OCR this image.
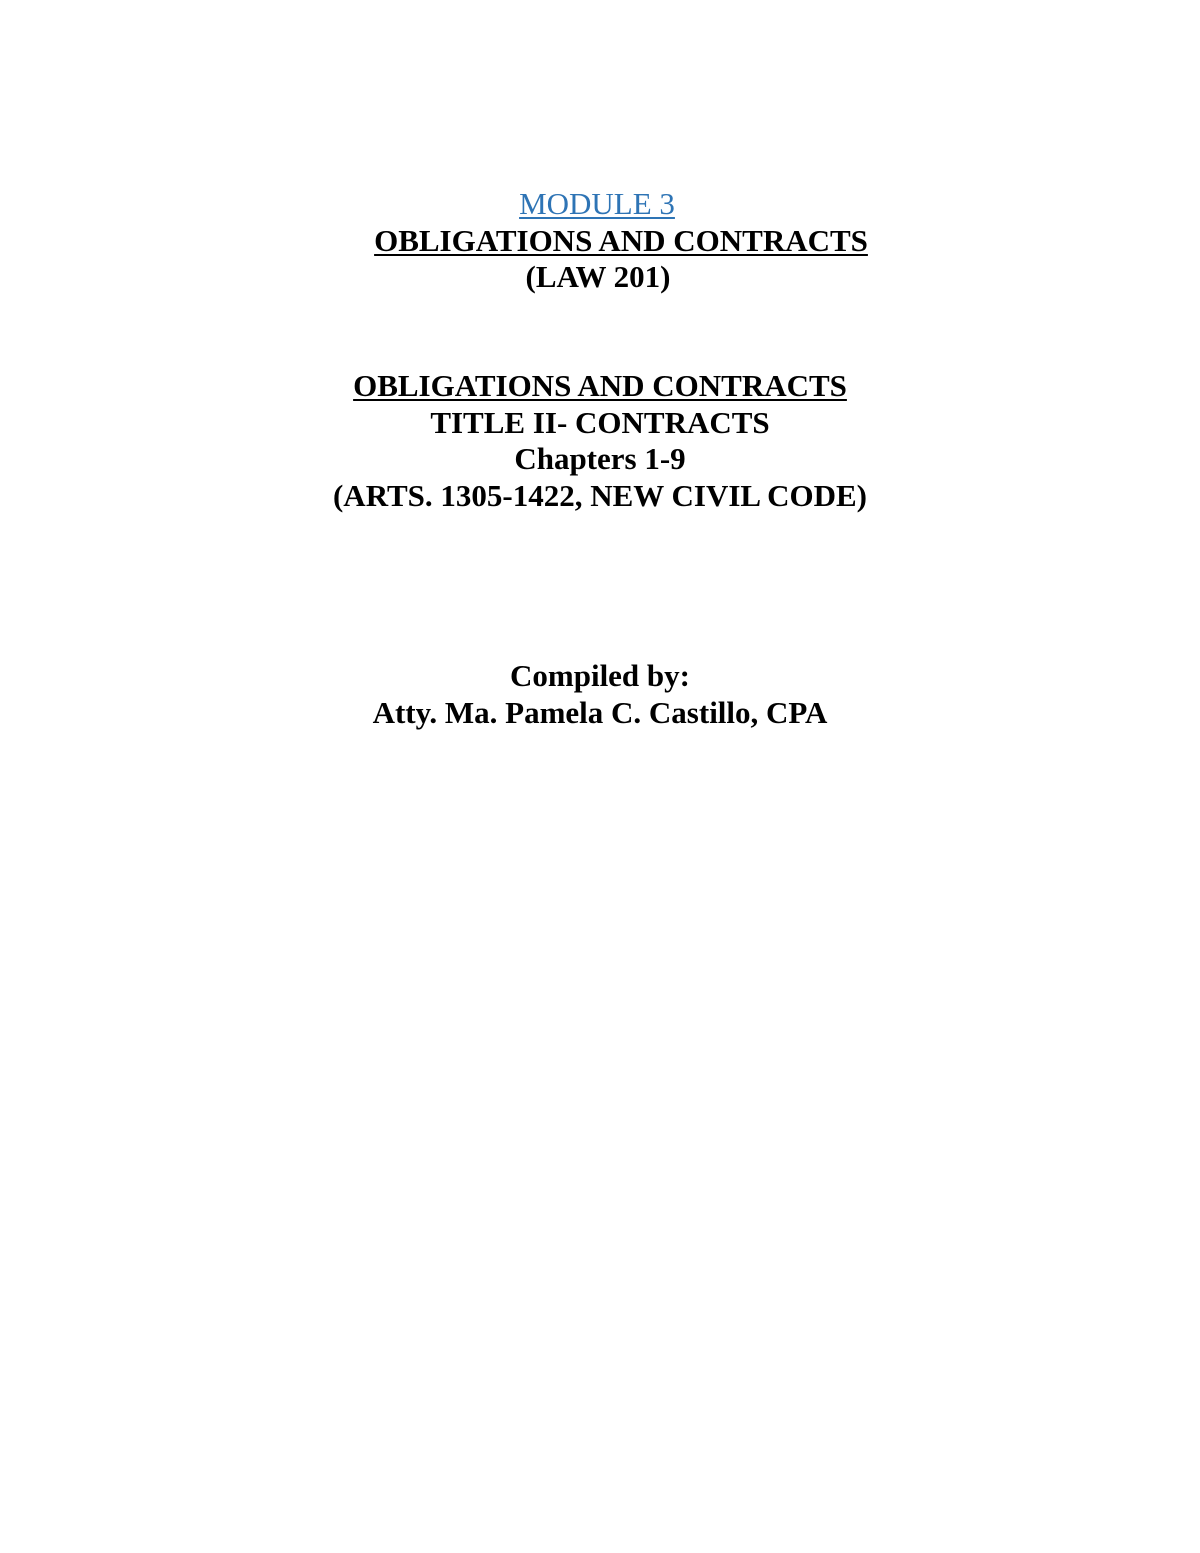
MODULE 3
OBLIGATIONS AND CONTRACTS
(LAW 201)
OBLIGATIONS AND CONTRACTS
TITLE II- CONTRACTS
Chapters 1-9
(ARTS. 1305-1422, NEW CIVIL CODE)
Compiled by:
Atty. Ma. Pamela C. Castillo, CPA
